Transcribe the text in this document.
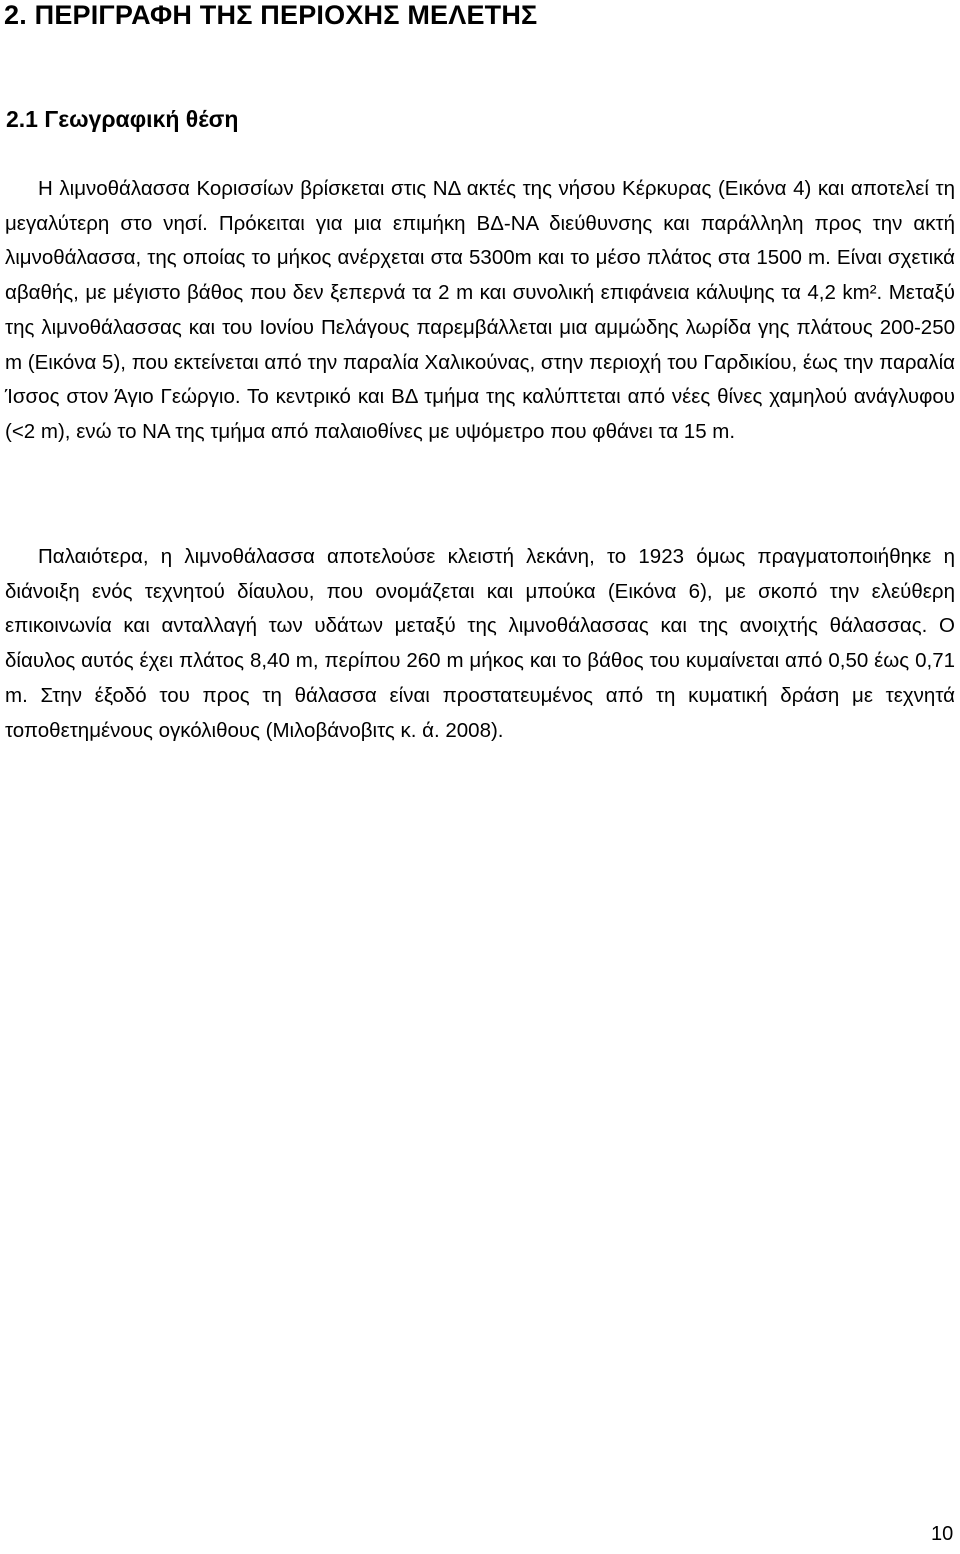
2. ΠΕΡΙΓΡΑΦΗ ΤΗΣ ΠΕΡΙΟΧΗΣ ΜΕΛΕΤΗΣ
2.1 Γεωγραφική θέση

Η λιμνοθάλασσα Κορισσίων βρίσκεται στις ΝΔ ακτές της νήσου Κέρκυρας (Εικόνα 4) και αποτελεί τη μεγαλύτερη στο νησί. Πρόκειται για μια επιμήκη ΒΔ-ΝΑ διεύθυνσης και παράλληλη προς την ακτή λιμνοθάλασσα, της οποίας το μήκος ανέρχεται στα 5300m και το μέσο πλάτος στα 1500 m. Είναι σχετικά αβαθής, με μέγιστο βάθος που δεν ξεπερνά τα 2 m και συνολική επιφάνεια κάλυψης τα 4,2 km². Μεταξύ της λιμνοθάλασσας και του Ιονίου Πελάγους παρεμβάλλεται μια αμμώδης λωρίδα γης πλάτους 200-250 m (Εικόνα 5), που εκτείνεται από την παραλία Χαλικούνας, στην περιοχή του Γαρδικίου, έως την παραλία Ίσσος στον Άγιο Γεώργιο. Το κεντρικό και ΒΔ τμήμα της καλύπτεται από νέες θίνες χαμηλού ανάγλυφου (<2 m), ενώ το ΝΑ της τμήμα από παλαιοθίνες με υψόμετρο που φθάνει τα 15 m.

Παλαιότερα, η λιμνοθάλασσα αποτελούσε κλειστή λεκάνη, το 1923 όμως πραγματοποιήθηκε η διάνοιξη ενός τεχνητού δίαυλου, που ονομάζεται και μπούκα (Εικόνα 6), με σκοπό την ελεύθερη επικοινωνία και ανταλλαγή των υδάτων μεταξύ της λιμνοθάλασσας και της ανοιχτής θάλασσας. Ο δίαυλος αυτός έχει πλάτος 8,40 m, περίπου 260 m μήκος και το βάθος του κυμαίνεται από 0,50 έως 0,71 m. Στην έξοδό του προς τη θάλασσα είναι προστατευμένος από τη κυματική δράση με τεχνητά τοποθετημένους ογκόλιθους (Μιλοβάνοβιτς κ. ά. 2008).

10
